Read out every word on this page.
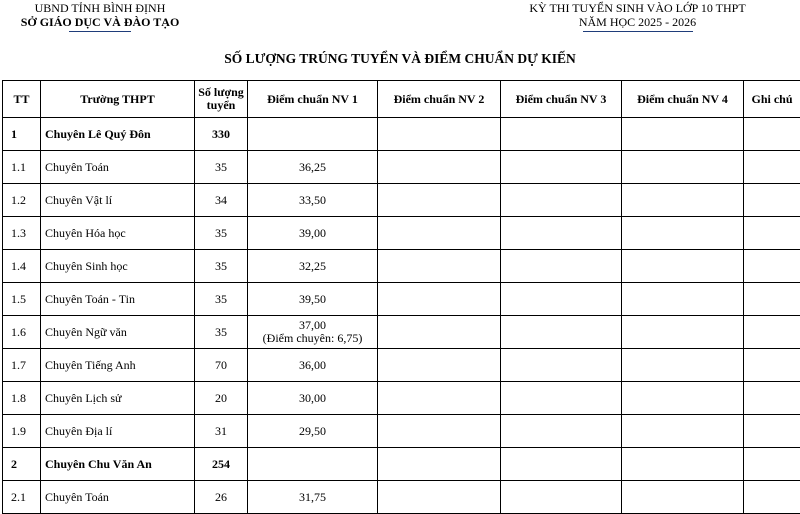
UBND TỈNH BÌNH ĐỊNH
SỞ GIÁO DỤC VÀ ĐÀO TẠO
KỲ THI TUYỂN SINH VÀO LỚP 10 THPT
NĂM HỌC 2025 - 2026
SỐ LƯỢNG TRÚNG TUYỂN VÀ ĐIỂM CHUẨN DỰ KIẾN
TT	Trường THPT	Số lượng tuyển	Điểm chuẩn NV 1	Điểm chuẩn NV 2	Điểm chuẩn NV 3	Điểm chuẩn NV 4	Ghi chú
1	Chuyên Lê Quý Đôn	330					
1.1	Chuyên Toán	35	36,25				
1.2	Chuyên Vật lí	34	33,50				
1.3	Chuyên Hóa học	35	39,00				
1.4	Chuyên Sinh học	35	32,25				
1.5	Chuyên Toán - Tin	35	39,50				
1.6	Chuyên Ngữ văn	35	37,00
(Điểm chuyên: 6,75)				

1.7	Chuyên Tiếng Anh	70	36,00				
1.8	Chuyên Lịch sử	20	30,00				
1.9	Chuyên Địa lí	31	29,50				
2	Chuyên Chu Văn An	254					
2.1	Chuyên Toán	26	31,75				
